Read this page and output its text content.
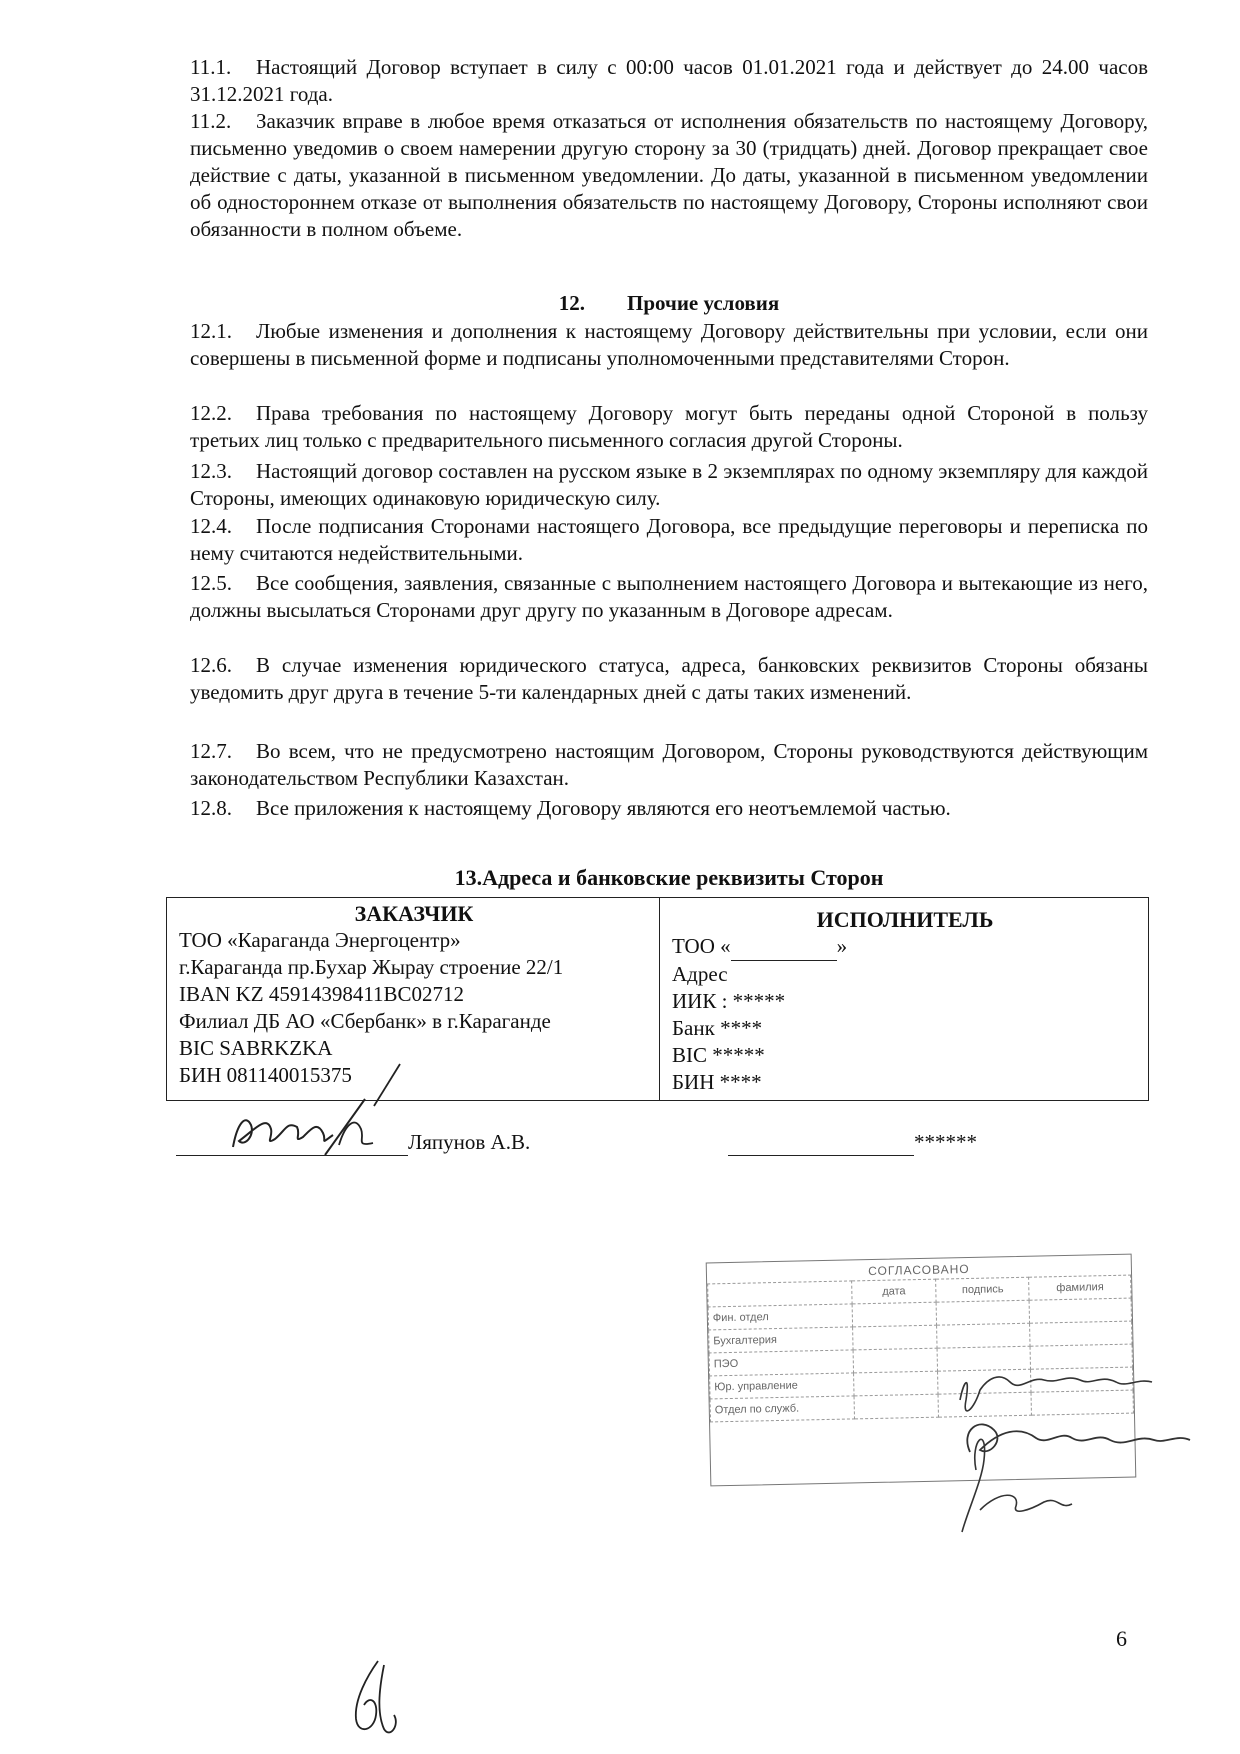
11.1. Настоящий Договор вступает в силу с 00:00 часов 01.01.2021 года и действует до 24.00 часов 31.12.2021 года.

11.2. Заказчик вправе в любое время отказаться от исполнения обязательств по настоящему Договору, письменно уведомив о своем намерении другую сторону за 30 (тридцать) дней. Договор прекращает свое действие с даты, указанной в письменном уведомлении. До даты, указанной в письменном уведомлении об одностороннем отказе от выполнения обязательств по настоящему Договору, Стороны исполняют свои обязанности в полном объеме.

12. Прочие условия

12.1. Любые изменения и дополнения к настоящему Договору действительны при условии, если они совершены в письменной форме и подписаны уполномоченными представителями Сторон.

12.2. Права требования по настоящему Договору могут быть переданы одной Стороной в пользу третьих лиц только с предварительного письменного согласия другой Стороны.

12.3. Настоящий договор составлен на русском языке в 2 экземплярах по одному экземпляру для каждой Стороны, имеющих одинаковую юридическую силу.

12.4. После подписания Сторонами настоящего Договора, все предыдущие переговоры и переписка по нему считаются недействительными.

12.5. Все сообщения, заявления, связанные с выполнением настоящего Договора и вытекающие из него, должны высылаться Сторонами друг другу по указанным в Договоре адресам.

12.6. В случае изменения юридического статуса, адреса, банковских реквизитов Стороны обязаны уведомить друг друга в течение 5-ти календарных дней с даты таких изменений.

12.7. Во всем, что не предусмотрено настоящим Договором, Стороны руководствуются действующим законодательством Республики Казахстан.

12.8. Все приложения к настоящему Договору являются его неотъемлемой частью.

13.Адреса и банковские реквизиты Сторон
ЗАКАЗЧИК
ТОО «Караганда Энергоцентр»
г.Караганда пр.Бухар Жырау строение 22/1
IBAN KZ 45914398411BC02712
Филиал ДБ АО «Сбербанк» в г.Караганде
BIC SABRKZKA
БИН 081140015375

ИСПОЛНИТЕЛЬ
ТОО «	»
Адрес
ИИК : *****
Банк ****
BIC *****
БИН ****
Ляпунов А.В.	******
СОГЛАСОВАНО
	дата	подпись	фамилия
Фин. отдел			
Бухгалтерия			
ПЭО			
Юр. управление			
Отдел по служб.			
6
